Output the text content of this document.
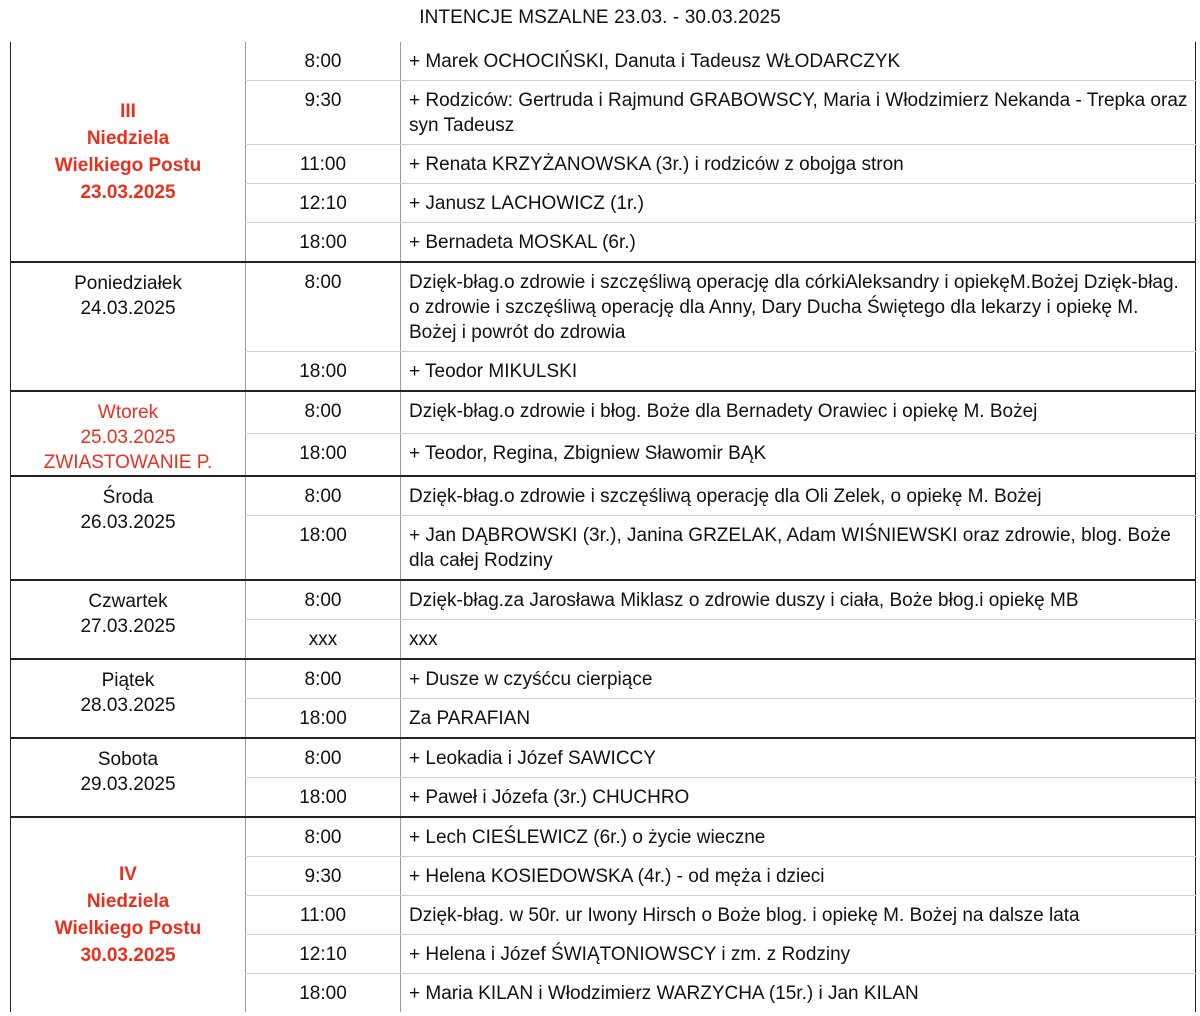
INTENCJE MSZALNE 23.03. - 30.03.2025
III
Niedziela
Wielkiego Postu
23.03.2025	8:00	+ Marek OCHOCIŃSKI, Danuta i Tadeusz WŁODARCZYK
	9:30	+ Rodziców: Gertruda i Rajmund GRABOWSCY, Maria i Włodzimierz Nekanda - Trepka oraz syn Tadeusz
	11:00	+ Renata KRZYŻANOWSKA (3r.) i rodziców z obojga stron
	12:10	+ Janusz LACHOWICZ (1r.)
	18:00	+ Bernadeta MOSKAL (6r.)

Poniedziałek
24.03.2025	8:00	Dzięk-błag.o zdrowie i szczęśliwą operację dla córkiAleksandry i opiekęM.Bożej Dzięk-błag. o zdrowie i szczęśliwą operację dla Anny, Dary Ducha Świętego dla lekarzy i opiekę M. Bożej i powrót do zdrowia
	18:00	+ Teodor MIKULSKI

Wtorek
25.03.2025
ZWIASTOWANIE P.	8:00	Dzięk-błag.o zdrowie i błog. Boże dla Bernadety Orawiec i opiekę M. Bożej
	18:00	+ Teodor, Regina, Zbigniew Sławomir BĄK

Środa
26.03.2025	8:00	Dzięk-błag.o zdrowie i szczęśliwą operację dla Oli Zelek, o opiekę M. Bożej
	18:00	+ Jan DĄBROWSKI (3r.), Janina GRZELAK, Adam WIŚNIEWSKI oraz zdrowie, blog. Boże dla całej Rodziny

Czwartek
27.03.2025	8:00	Dzięk-błag.za Jarosława Miklasz o zdrowie duszy i ciała, Boże błog.i opiekę MB
	xxx	xxx

Piątek
28.03.2025	8:00	+ Dusze w czyśćcu cierpiące
	18:00	Za PARAFIAN

Sobota
29.03.2025	8:00	+ Leokadia i Józef SAWICCY
	18:00	+ Paweł i Józefa (3r.) CHUCHRO

IV
Niedziela
Wielkiego Postu
30.03.2025	8:00	+ Lech CIEŚLEWICZ (6r.) o życie wieczne
	9:30	+ Helena KOSIEDOWSKA (4r.) - od męża i dzieci
	11:00	Dzięk-błag. w 50r. ur Iwony Hirsch o Boże blog. i opiekę M. Bożej na dalsze lata
	12:10	+ Helena i Józef ŚWIĄTONIOWSCY i zm. z Rodziny
	18:00	+ Maria KILAN i Włodzimierz WARZYCHA (15r.) i Jan KILAN
